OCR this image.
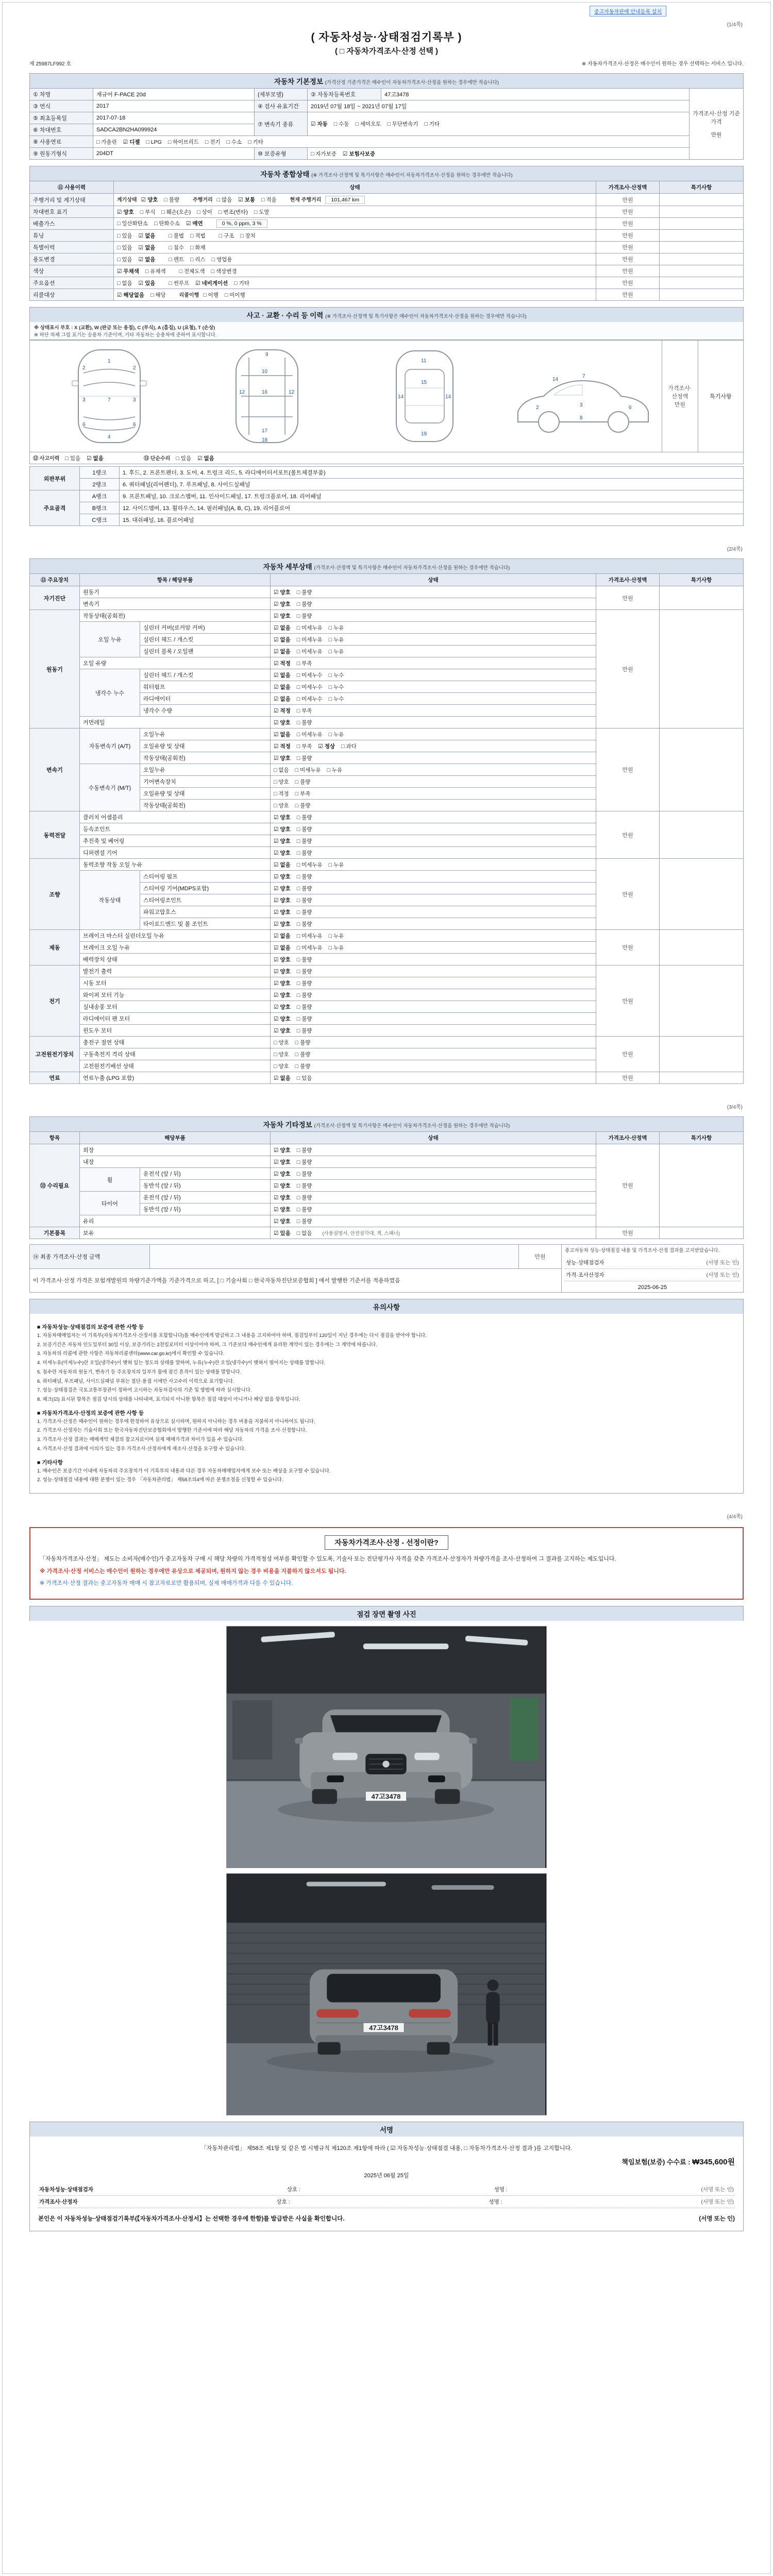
중고자동차판매 안내등록 설치
(1/4쪽)
( 자동차성능·상태점검기록부 )
( □ 자동차가격조사·산정 선택 )
제 25987LF992 호	※ 자동차가격조사·산정은 매수인이 원하는 경우 선택하는 서비스 입니다.
자동차 기본정보 (가격산정 기준가격은 매수인이 자동차가격조사·산정을 원하는 경우에만 적습니다)
① 차명	재규어 F-PACE 20d	(세부모델)	② 자동차등록번호	47고3478	가격조사·산정 기준가격
만원

③ 연식	2017	④ 검사 유효기간	2019년 07월 18일 ~ 2021년 07월 17일		
⑤ 최초등록일	2017-07-18	⑦ 변속기 종류	☑ 자동 □ 수동 □ 세미오토 □ 무단변속기 □ 기타		
⑥ 차대번호	SADCA2BN2HA099924				
⑧ 사용연료	□ 가솔린 ☑ 디젤 □ LPG □ 하이브리드 □ 전기 □ 수소 □ 기타				
⑨ 원동기형식	204DT	⑩ 보증유형	□ 자가보증 ☑ 보험사보증		
자동차 종합상태 (※ 가격조사·산정액 및 특기사항은 매수인이 자동차가격조사·산정을 원하는 경우에만 적습니다)
⑪ 사용이력	상태	가격조사·산정액	특기사항
주행거리 및 계기상태	계기상태 ☑ 양호 □ 불량 주행거리 □ 많음 ☑ 보통 □ 적음 현재 주행거리 101,467 km	만원	
차대번호 표기	☑ 양호 □ 부식 □ 훼손(오손) □ 상이 □ 변조(변타) □ 도말	만원	
배출가스	□ 일산화탄소 □ 탄화수소 ☑ 매연 0 %, 0 ppm, 3 %	만원	
튜닝	□ 있음 ☑ 없음 □ 불법 □ 적법 □ 구조 □ 장치	만원	
특별이력	□ 있음 ☑ 없음 □ 침수 □ 화재	만원	
용도변경	□ 있음 ☑ 없음 □ 렌트 □ 리스 □ 영업용	만원	
색상	☑ 무채색 □ 유채색 □ 전체도색 □ 색상변경	만원	
주요옵션	□ 없음 ☑ 있음 □ 썬루프 ☑ 네비게이션 □ 기타	만원	
리콜대상	☑ 해당없음 □ 해당 리콜이행 □ 이행 □ 미이행	만원	
사고 · 교환 · 수리 등 이력 (※ 가격조사·산정액 및 특기사항은 매수인이 자동차가격조사·산정을 원하는 경우에만 적습니다)
※ 상태표시 부호 : X (교환), W (판금 또는 용접), C (부식), A (흠집), U (요철), T (손상)
※ 하단 차체 그림 표기는 승용차 기준이며, 기타 자동차는 승용차에 준하여 표시합니다.
1
7
4
2	2
3	3
6	6
9
10
16
12	12
17
18
11
15
14	14
19
2	3	6
7
8
14

가격조사·산정액
만원
	특기사항
⑫ 사고이력 □ 있음 ☑ 없음	⑬ 단순수리 □ 있음 ☑ 없음
외판부위	1랭크	1. 후드, 2. 프론트펜더, 3. 도어, 4. 트렁크 리드, 5. 라디에이터서포트(볼트체결부품)
	2랭크	6. 쿼터패널(리어펜더), 7. 루프패널, 8. 사이드실패널
주요골격	A랭크	9. 프론트패널, 10. 크로스멤버, 11. 인사이드패널, 17. 트렁크플로어, 18. 리어패널
	B랭크	12. 사이드멤버, 13. 휠하우스, 14. 필러패널(A, B, C), 19. 리어플로어
	C랭크	15. 대쉬패널, 16. 플로어패널
(2/4쪽)
자동차 세부상태 (가격조사·산정액 및 특기사항은 매수인이 자동차가격조사·산정을 원하는 경우에만 적습니다)
⑫ 주요장치	항목 / 해당부품		상태	가격조사·산정액	특기사항
자기진단	원동기		☑ 양호 □ 불량	만원	
	변속기		☑ 양호 □ 불량		
원동기	작동상태(공회전)		☑ 양호 □ 불량	만원	
	오일 누유	실린더 커버(로커암 커버)	☑ 없음 □ 미세누유 □ 누유		
		실린더 헤드 / 개스킷	☑ 없음 □ 미세누유 □ 누유		
		실린더 블록 / 오일팬	☑ 없음 □ 미세누유 □ 누유		
	오일 유량		☑ 적정 □ 부족		
	냉각수 누수	실린더 헤드 / 개스킷	☑ 없음 □ 미세누수 □ 누수		
		워터펌프	☑ 없음 □ 미세누수 □ 누수		
		라디에이터	☑ 없음 □ 미세누수 □ 누수		
		냉각수 수량	☑ 적정 □ 부족		
	커먼레일		☑ 양호 □ 불량		
변속기	자동변속기 (A/T)	오일누유	☑ 없음 □ 미세누유 □ 누유	만원	
		오일유량 및 상태	☑ 적정 □ 부족 ☑ 정상 □ 과다		
		작동상태(공회전)	☑ 양호 □ 불량		
	수동변속기 (M/T)	오일누유	□ 없음 □ 미세누유 □ 누유		
		기어변속장치	□ 양호 □ 불량		
		오일유량 및 상태	□ 적정 □ 부족		
		작동상태(공회전)	□ 양호 □ 불량		
동력전달	클러치 어셈블리		☑ 양호 □ 불량	만원	
	등속조인트		☑ 양호 □ 불량		
	추진축 및 베어링		☑ 양호 □ 불량		
	디퍼렌셜 기어		☑ 양호 □ 불량		
조향	동력조향 작동 오일 누유		☑ 없음 □ 미세누유 □ 누유	만원	
	작동상태	스티어링 펌프	☑ 양호 □ 불량		
		스티어링 기어(MDPS포함)	☑ 양호 □ 불량		
		스티어링조인트	☑ 양호 □ 불량		
		파워고압호스	☑ 양호 □ 불량		
		타이로드엔드 및 볼 조인트	☑ 양호 □ 불량		
제동	브레이크 마스터 실린더오일 누유		☑ 없음 □ 미세누유 □ 누유	만원	
	브레이크 오일 누유		☑ 없음 □ 미세누유 □ 누유		
	배력장치 상태		☑ 양호 □ 불량		
전기	발전기 출력		☑ 양호 □ 불량	만원	
	시동 모터		☑ 양호 □ 불량		
	와이퍼 모터 기능		☑ 양호 □ 불량		
	실내송풍 모터		☑ 양호 □ 불량		
	라디에이터 팬 모터		☑ 양호 □ 불량		
	윈도우 모터		☑ 양호 □ 불량		
고전원전기장치	충전구 절연 상태		□ 양호 □ 불량	만원	
	구동축전지 격리 상태		□ 양호 □ 불량		
	고전원전기배선 상태		□ 양호 □ 불량		
연료	연료누출 (LPG 포함)		☑ 없음 □ 있음	만원	
(3/4쪽)
자동차 기타정보 (가격조사·산정액 및 특기사항은 매수인이 자동차가격조사·산정을 원하는 경우에만 적습니다)
항목	해당부품		상태	가격조사·산정액	특기사항
⑬ 수리필요	외장		☑ 양호 □ 불량	만원	
	내장		☑ 양호 □ 불량		
	휠	운전석 (앞 / 뒤)	☑ 양호 □ 불량		
		동반석 (앞 / 뒤)	☑ 양호 □ 불량		
	타이어	운전석 (앞 / 뒤)	☑ 양호 □ 불량		
		동반석 (앞 / 뒤)	☑ 양호 □ 불량		
	유리		☑ 양호 □ 불량		
기본품목	보유		☑ 있음 □ 없음 (사용설명서, 안전삼각대, 잭, 스패너)	만원	
⑭ 최종 가격조사·산정 금액		만원	
중고자동차 성능·상태점검 내용 및 가격조사·산정 결과를 고지받았습니다.
성능·상태점검자	(서명 또는 인)
가격·조사산정자	(서명 또는 인)
2025-06-25

이 가격조사·산정 가격은 보험개발원의 차량기준가액을 기준가격으로 하고, [ □ 기술사회 □ 한국자동차진단보증협회 ] 에서 발행한 기준서를 적용하였음
유의사항
■ 자동차성능·상태점검의 보증에 관한 사항 등
1. 자동차매매업자는 이 기록부(자동차가격조사·산정서를 포함합니다)를 매수인에게 발급하고 그 내용을 고지하여야 하며, 점검일부터 120일이 지난 경우에는 다시 점검을 받아야 합니다.
2. 보증기간은 자동차 인도일부터 30일 이상, 보증거리는 2천킬로미터 이상이어야 하며, 그 기준보다 매수인에게 유리한 계약이 있는 경우에는 그 계약에 따릅니다.
3. 자동차의 리콜에 관한 사항은 자동차리콜센터(www.car.go.kr)에서 확인할 수 있습니다.
4. 미세누유(미세누수)란 오일(냉각수)이 맺혀 있는 정도의 상태를 말하며, 누유(누수)란 오일(냉각수)이 맺혀서 떨어지는 상태를 말합니다.
5. 침수란 자동차의 원동기, 변속기 등 주요장치의 일부가 물에 잠긴 흔적이 있는 상태를 말합니다.
6. 쿼터패널, 루프패널, 사이드실패널 부위는 절단·용접 시에만 사고수리 이력으로 표기합니다.
7. 성능·상태점검은 국토교통부장관이 정하여 고시하는 자동차검사의 기준 및 방법에 따라 실시합니다.
8. 체크(☑) 표시된 항목은 점검 당시의 상태를 나타내며, 표기되지 아니한 항목은 점검 대상이 아니거나 해당 없음 항목입니다.
■ 자동차가격조사·산정의 보증에 관한 사항 등
1. 가격조사·산정은 매수인이 원하는 경우에 한정하여 유상으로 실시하며, 원하지 아니하는 경우 비용을 지불하지 아니하여도 됩니다.
2. 가격조사·산정자는 기술사회 또는 한국자동차진단보증협회에서 발행한 기준서에 따라 해당 자동차의 가격을 조사·산정합니다.
3. 가격조사·산정 결과는 매매계약 체결의 참고자료이며 실제 매매가격과 차이가 있을 수 있습니다.
4. 가격조사·산정 결과에 이의가 있는 경우 가격조사·산정자에게 재조사·산정을 요구할 수 있습니다.
■ 기타사항
1. 매수인은 보증기간 이내에 자동차의 주요장치가 이 기록부의 내용과 다른 경우 자동차매매업자에게 보수 또는 배상을 요구할 수 있습니다.
2. 성능·상태점검 내용에 대한 분쟁이 있는 경우 「자동차관리법」 제58조의4에 따른 분쟁조정을 신청할 수 있습니다.
(4/4쪽)
자동차가격조사·산정 - 선정이란?
「자동차가격조사·산정」 제도는 소비자(매수인)가 중고자동차 구매 시 해당 차량의 가격적정성 여부를 확인할 수 있도록, 기술사 또는 진단평가사 자격을 갖춘 가격조사·산정자가 차량가격을 조사·산정하여 그 결과를 고지하는 제도입니다.
※ 가격조사·산정 서비스는 매수인이 원하는 경우에만 유상으로 제공되며, 원하지 않는 경우 비용을 지불하지 않으셔도 됩니다.
※ 가격조사·산정 결과는 중고자동차 매매 시 참고자료로만 활용되며, 실제 매매가격과 다를 수 있습니다.
점검 장면 촬영 사진
47고3478
47고3478
서명
「자동차관리법」 제58조 제1항 및 같은 법 시행규칙 제120조 제1항에 따라 ( ☑ 자동차성능·상태점검 내용, □ 자동차가격조사·산정 결과 )를 고지합니다.
책임보험(보증) 수수료 : ₩345,600원
2025년 06월 25일
자동차성능·상태점검자	상호 :	성명 :	(서명 또는 인)
가격조사·산정자	상호 :	성명 :	(서명 또는 인)
본인은 이 자동차성능·상태점검기록부(【자동차가격조사·산정서】는 선택한 경우에 한함)를 발급받은 사실을 확인합니다.	(서명 또는 인)
